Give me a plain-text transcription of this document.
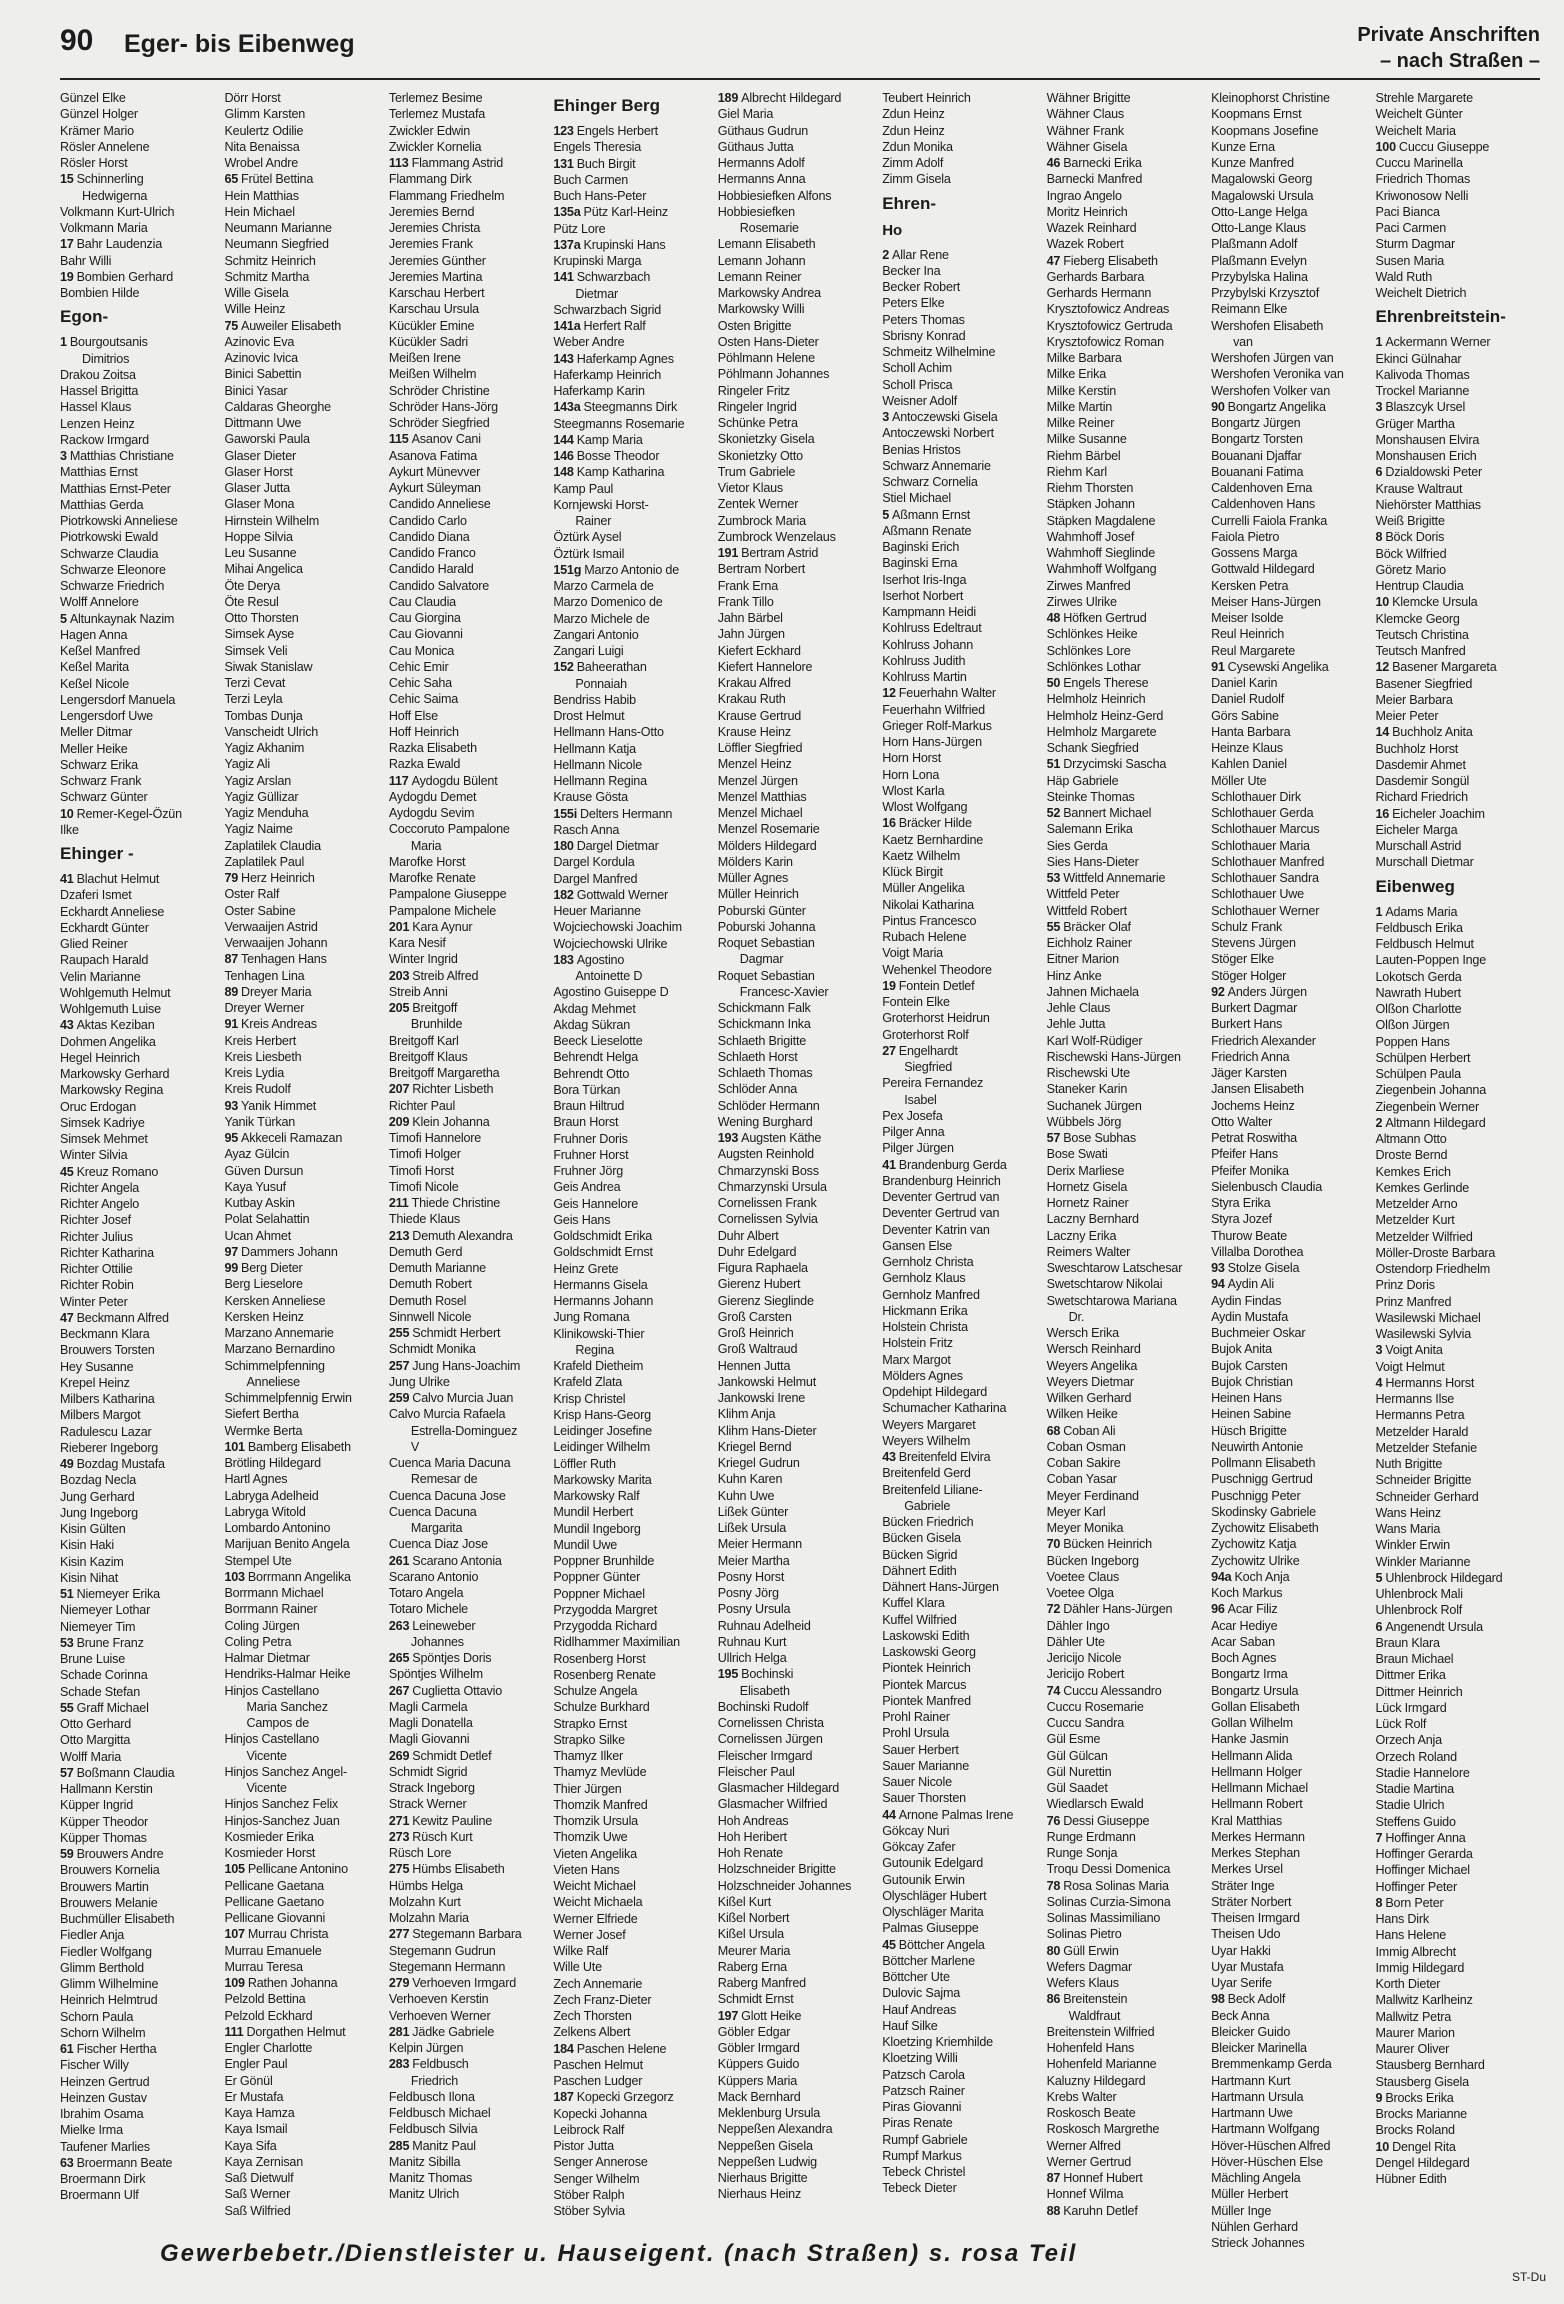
90 Eger- bis Eibenweg	Private Anschriften
– nach Straßen –
Günzel Elke
Günzel Holger
Krämer Mario
Rösler Annelene
Rösler Horst
15 Schinnerling
Hedwigerna
Volkmann Kurt-Ulrich
Volkmann Maria
17 Bahr Laudenzia
Bahr Willi
19 Bombien Gerhard
Bombien Hilde
Egon-
1 Bourgoutsanis
Dimitrios
Drakou Zoitsa
Hassel Brigitta
Hassel Klaus
Lenzen Heinz
Rackow Irmgard
3 Matthias Christiane
Matthias Ernst
Matthias Ernst-Peter
Matthias Gerda
Piotrkowski Anneliese
Piotrkowski Ewald
Schwarze Claudia
Schwarze Eleonore
Schwarze Friedrich
Wolff Annelore
5 Altunkaynak Nazim
Hagen Anna
Keßel Manfred
Keßel Marita
Keßel Nicole
Lengersdorf Manuela
Lengersdorf Uwe
Meller Ditmar
Meller Heike
Schwarz Erika
Schwarz Frank
Schwarz Günter
10 Remer-Kegel-Özün
Ilke
Ehinger -
41 Blachut Helmut
Dzaferi Ismet
Eckhardt Anneliese
Eckhardt Günter
Glied Reiner
Raupach Harald
Velin Marianne
Wohlgemuth Helmut
Wohlgemuth Luise
43 Aktas Keziban
Dohmen Angelika
Hegel Heinrich
Markowsky Gerhard
Markowsky Regina
Oruc Erdogan
Simsek Kadriye
Simsek Mehmet
Winter Silvia
45 Kreuz Romano
Richter Angela
Richter Angelo
Richter Josef
Richter Julius
Richter Katharina
Richter Ottilie
Richter Robin
Winter Peter
47 Beckmann Alfred
Beckmann Klara
Brouwers Torsten
Hey Susanne
Krepel Heinz
Milbers Katharina
Milbers Margot
Radulescu Lazar
Rieberer Ingeborg
49 Bozdag Mustafa
Bozdag Necla
Jung Gerhard
Jung Ingeborg
Kisin Gülten
Kisin Haki
Kisin Kazim
Kisin Nihat
51 Niemeyer Erika
Niemeyer Lothar
Niemeyer Tim
53 Brune Franz
Brune Luise
Schade Corinna
Schade Stefan
55 Graff Michael
Otto Gerhard
Otto Margitta
Wolff Maria
57 Boßmann Claudia
Hallmann Kerstin
Küpper Ingrid
Küpper Theodor
Küpper Thomas
59 Brouwers Andre
Brouwers Kornelia
Brouwers Martin
Brouwers Melanie
Buchmüller Elisabeth
Fiedler Anja
Fiedler Wolfgang
Glimm Berthold
Glimm Wilhelmine
Heinrich Helmtrud
Schorn Paula
Schorn Wilhelm
61 Fischer Hertha
Fischer Willy
Heinzen Gertrud
Heinzen Gustav
Ibrahim Osama
Mielke Irma
Taufener Marlies
63 Broermann Beate
Broermann Dirk
Broermann Ulf
Dörr Horst
Glimm Karsten
Keulertz Odilie
Nita Benaissa
Wrobel Andre
65 Frütel Bettina
Hein Matthias
Hein Michael
Neumann Marianne
Neumann Siegfried
Schmitz Heinrich
Schmitz Martha
Wille Gisela
Wille Heinz
75 Auweiler Elisabeth
Azinovic Eva
Azinovic Ivica
Binici Sabettin
Binici Yasar
Caldaras Gheorghe
Dittmann Uwe
Gaworski Paula
Glaser Dieter
Glaser Horst
Glaser Jutta
Glaser Mona
Hirnstein Wilhelm
Hoppe Silvia
Leu Susanne
Mihai Angelica
Öte Derya
Öte Resul
Otto Thorsten
Simsek Ayse
Simsek Veli
Siwak Stanislaw
Terzi Cevat
Terzi Leyla
Tombas Dunja
Vanscheidt Ulrich
Yagiz Akhanim
Yagiz Ali
Yagiz Arslan
Yagiz Güllizar
Yagiz Menduha
Yagiz Naime
Zaplatilek Claudia
Zaplatilek Paul
79 Herz Heinrich
Oster Ralf
Oster Sabine
Verwaaijen Astrid
Verwaaijen Johann
87 Tenhagen Hans
Tenhagen Lina
89 Dreyer Maria
Dreyer Werner
91 Kreis Andreas
Kreis Herbert
Kreis Liesbeth
Kreis Lydia
Kreis Rudolf
93 Yanik Himmet
Yanik Türkan
95 Akkeceli Ramazan
Ayaz Gülcin
Güven Dursun
Kaya Yusuf
Kutbay Askin
Polat Selahattin
Ucan Ahmet
97 Dammers Johann
99 Berg Dieter
Berg Lieselore
Kersken Anneliese
Kersken Heinz
Marzano Annemarie
Marzano Bernardino
Schimmelpfenning
Anneliese
Schimmelpfennig Erwin
Siefert Bertha
Wermke Berta
101 Bamberg Elisabeth
Brötling Hildegard
Hartl Agnes
Labryga Adelheid
Labryga Witold
Lombardo Antonino
Marijuan Benito Angela
Stempel Ute
103 Borrmann Angelika
Borrmann Michael
Borrmann Rainer
Coling Jürgen
Coling Petra
Halmar Dietmar
Hendriks-Halmar Heike
Hinjos Castellano
Maria Sanchez
Campos de
Hinjos Castellano
Vicente
Hinjos Sanchez Angel-
Vicente
Hinjos Sanchez Felix
Hinjos-Sanchez Juan
Kosmieder Erika
Kosmieder Horst
105 Pellicane Antonino
Pellicane Gaetana
Pellicane Gaetano
Pellicane Giovanni
107 Murrau Christa
Murrau Emanuele
Murrau Teresa
109 Rathen Johanna
Pelzold Bettina
Pelzold Eckhard
111 Dorgathen Helmut
Engler Charlotte
Engler Paul
Er Gönül
Er Mustafa
Kaya Hamza
Kaya Ismail
Kaya Sifa
Kaya Zernisan
Saß Dietwulf
Saß Werner
Saß Wilfried
Terlemez Besime
Terlemez Mustafa
Zwickler Edwin
Zwickler Kornelia
113 Flammang Astrid
Flammang Dirk
Flammang Friedhelm
Jeremies Bernd
Jeremies Christa
Jeremies Frank
Jeremies Günther
Jeremies Martina
Karschau Herbert
Karschau Ursula
Kücükler Emine
Kücükler Sadri
Meißen Irene
Meißen Wilhelm
Schröder Christine
Schröder Hans-Jörg
Schröder Siegfried
115 Asanov Cani
Asanova Fatima
Aykurt Münevver
Aykurt Süleyman
Candido Anneliese
Candido Carlo
Candido Diana
Candido Franco
Candido Harald
Candido Salvatore
Cau Claudia
Cau Giorgina
Cau Giovanni
Cau Monica
Cehic Emir
Cehic Saha
Cehic Saima
Hoff Else
Hoff Heinrich
Razka Elisabeth
Razka Ewald
117 Aydogdu Bülent
Aydogdu Demet
Aydogdu Sevim
Coccoruto Pampalone
Maria
Marofke Horst
Marofke Renate
Pampalone Giuseppe
Pampalone Michele
201 Kara Aynur
Kara Nesif
Winter Ingrid
203 Streib Alfred
Streib Anni
205 Breitgoff
Brunhilde
Breitgoff Karl
Breitgoff Klaus
Breitgoff Margaretha
207 Richter Lisbeth
Richter Paul
209 Klein Johanna
Timofi Hannelore
Timofi Holger
Timofi Horst
Timofi Nicole
211 Thiede Christine
Thiede Klaus
213 Demuth Alexandra
Demuth Gerd
Demuth Marianne
Demuth Robert
Demuth Rosel
Sinnwell Nicole
255 Schmidt Herbert
Schmidt Monika
257 Jung Hans-Joachim
Jung Ulrike
259 Calvo Murcia Juan
Calvo Murcia Rafaela
Estrella-Dominguez
V
Cuenca Maria Dacuna
Remesar de
Cuenca Dacuna Jose
Cuenca Dacuna
Margarita
Cuenca Diaz Jose
261 Scarano Antonia
Scarano Antonio
Totaro Angela
Totaro Michele
263 Leineweber
Johannes
265 Spöntjes Doris
Spöntjes Wilhelm
267 Cuglietta Ottavio
Magli Carmela
Magli Donatella
Magli Giovanni
269 Schmidt Detlef
Schmidt Sigrid
Strack Ingeborg
Strack Werner
271 Kewitz Pauline
273 Rüsch Kurt
Rüsch Lore
275 Hümbs Elisabeth
Hümbs Helga
Molzahn Kurt
Molzahn Maria
277 Stegemann Barbara
Stegemann Gudrun
Stegemann Hermann
279 Verhoeven Irmgard
Verhoeven Kerstin
Verhoeven Werner
281 Jädke Gabriele
Kelpin Jürgen
283 Feldbusch
Friedrich
Feldbusch Ilona
Feldbusch Michael
Feldbusch Silvia
285 Manitz Paul
Manitz Sibilla
Manitz Thomas
Manitz Ulrich
Ehinger Berg
123 Engels Herbert
Engels Theresia
131 Buch Birgit
Buch Carmen
Buch Hans-Peter
135a Pütz Karl-Heinz
Pütz Lore
137a Krupinski Hans
Krupinski Marga
141 Schwarzbach
Dietmar
Schwarzbach Sigrid
141a Herfert Ralf
Weber Andre
143 Haferkamp Agnes
Haferkamp Heinrich
Haferkamp Karin
143a Steegmanns Dirk
Steegmanns Rosemarie
144 Kamp Maria
146 Bosse Theodor
148 Kamp Katharina
Kamp Paul
Kornjewski Horst-
Rainer
Öztürk Aysel
Öztürk Ismail
151g Marzo Antonio de
Marzo Carmela de
Marzo Domenico de
Marzo Michele de
Zangari Antonio
Zangari Luigi
152 Baheerathan
Ponnaiah
Bendriss Habib
Drost Helmut
Hellmann Hans-Otto
Hellmann Katja
Hellmann Nicole
Hellmann Regina
Krause Gösta
155i Delters Hermann
Rasch Anna
180 Dargel Dietmar
Dargel Kordula
Dargel Manfred
182 Gottwald Werner
Heuer Marianne
Wojciechowski Joachim
Wojciechowski Ulrike
183 Agostino
Antoinette D
Agostino Guiseppe D
Akdag Mehmet
Akdag Sükran
Beeck Lieselotte
Behrendt Helga
Behrendt Otto
Bora Türkan
Braun Hiltrud
Braun Horst
Fruhner Doris
Fruhner Horst
Fruhner Jörg
Geis Andrea
Geis Hannelore
Geis Hans
Goldschmidt Erika
Goldschmidt Ernst
Heinz Grete
Hermanns Gisela
Hermanns Johann
Jung Romana
Klinikowski-Thier
Regina
Krafeld Dietheim
Krafeld Zlata
Krisp Christel
Krisp Hans-Georg
Leidinger Josefine
Leidinger Wilhelm
Löffler Ruth
Markowsky Marita
Markowsky Ralf
Mundil Herbert
Mundil Ingeborg
Mundil Uwe
Poppner Brunhilde
Poppner Günter
Poppner Michael
Przygodda Margret
Przygodda Richard
Ridlhammer Maximilian
Rosenberg Horst
Rosenberg Renate
Schulze Angela
Schulze Burkhard
Strapko Ernst
Strapko Silke
Thamyz Ilker
Thamyz Mevlüde
Thier Jürgen
Thomzik Manfred
Thomzik Ursula
Thomzik Uwe
Vieten Angelika
Vieten Hans
Weicht Michael
Weicht Michaela
Werner Elfriede
Werner Josef
Wilke Ralf
Wille Ute
Zech Annemarie
Zech Franz-Dieter
Zech Thorsten
Zelkens Albert
184 Paschen Helene
Paschen Helmut
Paschen Ludger
187 Kopecki Grzegorz
Kopecki Johanna
Leibrock Ralf
Pistor Jutta
Senger Annerose
Senger Wilhelm
Stöber Ralph
Stöber Sylvia
189 Albrecht Hildegard
Giel Maria
Güthaus Gudrun
Güthaus Jutta
Hermanns Adolf
Hermanns Anna
Hobbiesiefken Alfons
Hobbiesiefken
Rosemarie
Lemann Elisabeth
Lemann Johann
Lemann Reiner
Markowsky Andrea
Markowsky Willi
Osten Brigitte
Osten Hans-Dieter
Pöhlmann Helene
Pöhlmann Johannes
Ringeler Fritz
Ringeler Ingrid
Schünke Petra
Skonietzky Gisela
Skonietzky Otto
Trum Gabriele
Vietor Klaus
Zentek Werner
Zumbrock Maria
Zumbrock Wenzelaus
191 Bertram Astrid
Bertram Norbert
Frank Erna
Frank Tillo
Jahn Bärbel
Jahn Jürgen
Kiefert Eckhard
Kiefert Hannelore
Krakau Alfred
Krakau Ruth
Krause Gertrud
Krause Heinz
Löffler Siegfried
Menzel Heinz
Menzel Jürgen
Menzel Matthias
Menzel Michael
Menzel Rosemarie
Mölders Hildegard
Mölders Karin
Müller Agnes
Müller Heinrich
Poburski Günter
Poburski Johanna
Roquet Sebastian
Dagmar
Roquet Sebastian
Francesc-Xavier
Schickmann Falk
Schickmann Inka
Schlaeth Brigitte
Schlaeth Horst
Schlaeth Thomas
Schlöder Anna
Schlöder Hermann
Wening Burghard
193 Augsten Käthe
Augsten Reinhold
Chmarzynski Boss
Chmarzynski Ursula
Cornelissen Frank
Cornelissen Sylvia
Duhr Albert
Duhr Edelgard
Figura Raphaela
Gierenz Hubert
Gierenz Sieglinde
Groß Carsten
Groß Heinrich
Groß Waltraud
Hennen Jutta
Jankowski Helmut
Jankowski Irene
Klihm Anja
Klihm Hans-Dieter
Kriegel Bernd
Kriegel Gudrun
Kuhn Karen
Kuhn Uwe
Lißek Günter
Lißek Ursula
Meier Hermann
Meier Martha
Posny Horst
Posny Jörg
Posny Ursula
Ruhnau Adelheid
Ruhnau Kurt
Ullrich Helga
195 Bochinski
Elisabeth
Bochinski Rudolf
Cornelissen Christa
Cornelissen Jürgen
Fleischer Irmgard
Fleischer Paul
Glasmacher Hildegard
Glasmacher Wilfried
Hoh Andreas
Hoh Heribert
Hoh Renate
Holzschneider Brigitte
Holzschneider Johannes
Kißel Kurt
Kißel Norbert
Kißel Ursula
Meurer Maria
Raberg Erna
Raberg Manfred
Schmidt Ernst
197 Glott Heike
Göbler Edgar
Göbler Irmgard
Küppers Guido
Küppers Maria
Mack Bernhard
Meklenburg Ursula
Neppeßen Alexandra
Neppeßen Gisela
Neppeßen Ludwig
Nierhaus Brigitte
Nierhaus Heinz
Teubert Heinrich
Zdun Heinz
Zdun Heinz
Zdun Monika
Zimm Adolf
Zimm Gisela
Ehren-
Ho
2 Allar Rene
Becker Ina
Becker Robert
Peters Elke
Peters Thomas
Sbrisny Konrad
Schmeitz Wilhelmine
Scholl Achim
Scholl Prisca
Weisner Adolf
3 Antoczewski Gisela
Antoczewski Norbert
Benias Hristos
Schwarz Annemarie
Schwarz Cornelia
Stiel Michael
5 Aßmann Ernst
Aßmann Renate
Baginski Erich
Baginski Erna
Iserhot Iris-Inga
Iserhot Norbert
Kampmann Heidi
Kohlruss Edeltraut
Kohlruss Johann
Kohlruss Judith
Kohlruss Martin
12 Feuerhahn Walter
Feuerhahn Wilfried
Grieger Rolf-Markus
Horn Hans-Jürgen
Horn Horst
Horn Lona
Wlost Karla
Wlost Wolfgang
16 Bräcker Hilde
Kaetz Bernhardine
Kaetz Wilhelm
Klück Birgit
Müller Angelika
Nikolai Katharina
Pintus Francesco
Rubach Helene
Voigt Maria
Wehenkel Theodore
19 Fontein Detlef
Fontein Elke
Groterhorst Heidrun
Groterhorst Rolf
27 Engelhardt
Siegfried
Pereira Fernandez
Isabel
Pex Josefa
Pilger Anna
Pilger Jürgen
41 Brandenburg Gerda
Brandenburg Heinrich
Deventer Gertrud van
Deventer Gertrud van
Deventer Katrin van
Gansen Else
Gernholz Christa
Gernholz Klaus
Gernholz Manfred
Hickmann Erika
Holstein Christa
Holstein Fritz
Marx Margot
Mölders Agnes
Opdehipt Hildegard
Schumacher Katharina
Weyers Margaret
Weyers Wilhelm
43 Breitenfeld Elvira
Breitenfeld Gerd
Breitenfeld Liliane-
Gabriele
Bücken Friedrich
Bücken Gisela
Bücken Sigrid
Dähnert Edith
Dähnert Hans-Jürgen
Kuffel Klara
Kuffel Wilfried
Laskowski Edith
Laskowski Georg
Piontek Heinrich
Piontek Marcus
Piontek Manfred
Prohl Rainer
Prohl Ursula
Sauer Herbert
Sauer Marianne
Sauer Nicole
Sauer Thorsten
44 Arnone Palmas Irene
Gökcay Nuri
Gökcay Zafer
Gutounik Edelgard
Gutounik Erwin
Olyschläger Hubert
Olyschläger Marita
Palmas Giuseppe
45 Böttcher Angela
Böttcher Marlene
Böttcher Ute
Dulovic Sajma
Hauf Andreas
Hauf Silke
Kloetzing Kriemhilde
Kloetzing Willi
Patzsch Carola
Patzsch Rainer
Piras Giovanni
Piras Renate
Rumpf Gabriele
Rumpf Markus
Tebeck Christel
Tebeck Dieter
Wähner Brigitte
Wähner Claus
Wähner Frank
Wähner Gisela
46 Barnecki Erika
Barnecki Manfred
Ingrao Angelo
Moritz Heinrich
Wazek Reinhard
Wazek Robert
47 Fieberg Elisabeth
Gerhards Barbara
Gerhards Hermann
Krysztofowicz Andreas
Krysztofowicz Gertruda
Krysztofowicz Roman
Milke Barbara
Milke Erika
Milke Kerstin
Milke Martin
Milke Reiner
Milke Susanne
Riehm Bärbel
Riehm Karl
Riehm Thorsten
Stäpken Johann
Stäpken Magdalene
Wahmhoff Josef
Wahmhoff Sieglinde
Wahmhoff Wolfgang
Zirwes Manfred
Zirwes Ulrike
48 Höfken Gertrud
Schlönkes Heike
Schlönkes Lore
Schlönkes Lothar
50 Engels Therese
Helmholz Heinrich
Helmholz Heinz-Gerd
Helmholz Margarete
Schank Siegfried
51 Drzycimski Sascha
Häp Gabriele
Steinke Thomas
52 Bannert Michael
Salemann Erika
Sies Gerda
Sies Hans-Dieter
53 Wittfeld Annemarie
Wittfeld Peter
Wittfeld Robert
55 Bräcker Olaf
Eichholz Rainer
Eitner Marion
Hinz Anke
Jahnen Michaela
Jehle Claus
Jehle Jutta
Karl Wolf-Rüdiger
Rischewski Hans-Jürgen
Rischewski Ute
Staneker Karin
Suchanek Jürgen
Wübbels Jörg
57 Bose Subhas
Bose Swati
Derix Marliese
Hornetz Gisela
Hornetz Rainer
Laczny Bernhard
Laczny Erika
Reimers Walter
Sweschtarow Latschesar
Swetschtarow Nikolai
Swetschtarowa Mariana
Dr.
Wersch Erika
Wersch Reinhard
Weyers Angelika
Weyers Dietmar
Wilken Gerhard
Wilken Heike
68 Coban Ali
Coban Osman
Coban Sakire
Coban Yasar
Meyer Ferdinand
Meyer Karl
Meyer Monika
70 Bücken Heinrich
Bücken Ingeborg
Voetee Claus
Voetee Olga
72 Dähler Hans-Jürgen
Dähler Ingo
Dähler Ute
Jericijo Nicole
Jericijo Robert
74 Cuccu Alessandro
Cuccu Rosemarie
Cuccu Sandra
Gül Esme
Gül Gülcan
Gül Nurettin
Gül Saadet
Wiedlarsch Ewald
76 Dessi Giuseppe
Runge Erdmann
Runge Sonja
Troqu Dessi Domenica
78 Rosa Solinas Maria
Solinas Curzia-Simona
Solinas Massimiliano
Solinas Pietro
80 Güll Erwin
Wefers Dagmar
Wefers Klaus
86 Breitenstein
Waldfraut
Breitenstein Wilfried
Hohenfeld Hans
Hohenfeld Marianne
Kaluzny Hildegard
Krebs Walter
Roskosch Beate
Roskosch Margrethe
Werner Alfred
Werner Gertrud
87 Honnef Hubert
Honnef Wilma
88 Karuhn Detlef
Kleinophorst Christine
Koopmans Ernst
Koopmans Josefine
Kunze Erna
Kunze Manfred
Magalowski Georg
Magalowski Ursula
Otto-Lange Helga
Otto-Lange Klaus
Plaßmann Adolf
Plaßmann Evelyn
Przybylska Halina
Przybylski Krzysztof
Reimann Elke
Wershofen Elisabeth
van
Wershofen Jürgen van
Wershofen Veronika van
Wershofen Volker van
90 Bongartz Angelika
Bongartz Jürgen
Bongartz Torsten
Bouanani Djaffar
Bouanani Fatima
Caldenhoven Erna
Caldenhoven Hans
Currelli Faiola Franka
Faiola Pietro
Gossens Marga
Gottwald Hildegard
Kersken Petra
Meiser Hans-Jürgen
Meiser Isolde
Reul Heinrich
Reul Margarete
91 Cysewski Angelika
Daniel Karin
Daniel Rudolf
Görs Sabine
Hanta Barbara
Heinze Klaus
Kahlen Daniel
Möller Ute
Schlothauer Dirk
Schlothauer Gerda
Schlothauer Marcus
Schlothauer Maria
Schlothauer Manfred
Schlothauer Sandra
Schlothauer Uwe
Schlothauer Werner
Schulz Frank
Stevens Jürgen
Stöger Elke
Stöger Holger
92 Anders Jürgen
Burkert Dagmar
Burkert Hans
Friedrich Alexander
Friedrich Anna
Jäger Karsten
Jansen Elisabeth
Jochems Heinz
Otto Walter
Petrat Roswitha
Pfeifer Hans
Pfeifer Monika
Sielenbusch Claudia
Styra Erika
Styra Jozef
Thurow Beate
Villalba Dorothea
93 Stolze Gisela
94 Aydin Ali
Aydin Findas
Aydin Mustafa
Buchmeier Oskar
Bujok Anita
Bujok Carsten
Bujok Christian
Heinen Hans
Heinen Sabine
Hüsch Brigitte
Neuwirth Antonie
Pollmann Elisabeth
Puschnigg Gertrud
Puschnigg Peter
Skodinsky Gabriele
Zychowitz Elisabeth
Zychowitz Katja
Zychowitz Ulrike
94a Koch Anja
Koch Markus
96 Acar Filiz
Acar Hediye
Acar Saban
Boch Agnes
Bongartz Irma
Bongartz Ursula
Gollan Elisabeth
Gollan Wilhelm
Hanke Jasmin
Hellmann Alida
Hellmann Holger
Hellmann Michael
Hellmann Robert
Kral Matthias
Merkes Hermann
Merkes Stephan
Merkes Ursel
Sträter Inge
Sträter Norbert
Theisen Irmgard
Theisen Udo
Uyar Hakki
Uyar Mustafa
Uyar Serife
98 Beck Adolf
Beck Anna
Bleicker Guido
Bleicker Marinella
Bremmenkamp Gerda
Hartmann Kurt
Hartmann Ursula
Hartmann Uwe
Hartmann Wolfgang
Höver-Hüschen Alfred
Höver-Hüschen Else
Mächling Angela
Müller Herbert
Müller Inge
Nühlen Gerhard
Strieck Johannes
Strehle Margarete
Weichelt Günter
Weichelt Maria
100 Cuccu Giuseppe
Cuccu Marinella
Friedrich Thomas
Kriwonosow Nelli
Paci Bianca
Paci Carmen
Sturm Dagmar
Susen Maria
Wald Ruth
Weichelt Dietrich
Ehrenbreitstein-
1 Ackermann Werner
Ekinci Gülnahar
Kalivoda Thomas
Trockel Marianne
3 Blaszcyk Ursel
Grüger Martha
Monshausen Elvira
Monshausen Erich
6 Dzialdowski Peter
Krause Waltraut
Niehörster Matthias
Weiß Brigitte
8 Böck Doris
Böck Wilfried
Göretz Mario
Hentrup Claudia
10 Klemcke Ursula
Klemcke Georg
Teutsch Christina
Teutsch Manfred
12 Basener Margareta
Basener Siegfried
Meier Barbara
Meier Peter
14 Buchholz Anita
Buchholz Horst
Dasdemir Ahmet
Dasdemir Songül
Richard Friedrich
16 Eicheler Joachim
Eicheler Marga
Murschall Astrid
Murschall Dietmar
Eibenweg
1 Adams Maria
Feldbusch Erika
Feldbusch Helmut
Lauten-Poppen Inge
Lokotsch Gerda
Nawrath Hubert
Olßon Charlotte
Olßon Jürgen
Poppen Hans
Schülpen Herbert
Schülpen Paula
Ziegenbein Johanna
Ziegenbein Werner
2 Altmann Hildegard
Altmann Otto
Droste Bernd
Kemkes Erich
Kemkes Gerlinde
Metzelder Arno
Metzelder Kurt
Metzelder Wilfried
Möller-Droste Barbara
Ostendorp Friedhelm
Prinz Doris
Prinz Manfred
Wasilewski Michael
Wasilewski Sylvia
3 Voigt Anita
Voigt Helmut
4 Hermanns Horst
Hermanns Ilse
Hermanns Petra
Metzelder Harald
Metzelder Stefanie
Nuth Brigitte
Schneider Brigitte
Schneider Gerhard
Wans Heinz
Wans Maria
Winkler Erwin
Winkler Marianne
5 Uhlenbrock Hildegard
Uhlenbrock Mali
Uhlenbrock Rolf
6 Angenendt Ursula
Braun Klara
Braun Michael
Dittmer Erika
Dittmer Heinrich
Lück Irmgard
Lück Rolf
Orzech Anja
Orzech Roland
Stadie Hannelore
Stadie Martina
Stadie Ulrich
Steffens Guido
7 Hoffinger Anna
Hoffinger Gerarda
Hoffinger Michael
Hoffinger Peter
8 Born Peter
Hans Dirk
Hans Helene
Immig Albrecht
Immig Hildegard
Korth Dieter
Mallwitz Karlheinz
Mallwitz Petra
Maurer Marion
Maurer Oliver
Stausberg Bernhard
Stausberg Gisela
9 Brocks Erika
Brocks Marianne
Brocks Roland
10 Dengel Rita
Dengel Hildegard
Hübner Edith
Gewerbebetr./Dienstleister u. Hauseigent. (nach Straßen) s. rosa Teil
ST-Du
